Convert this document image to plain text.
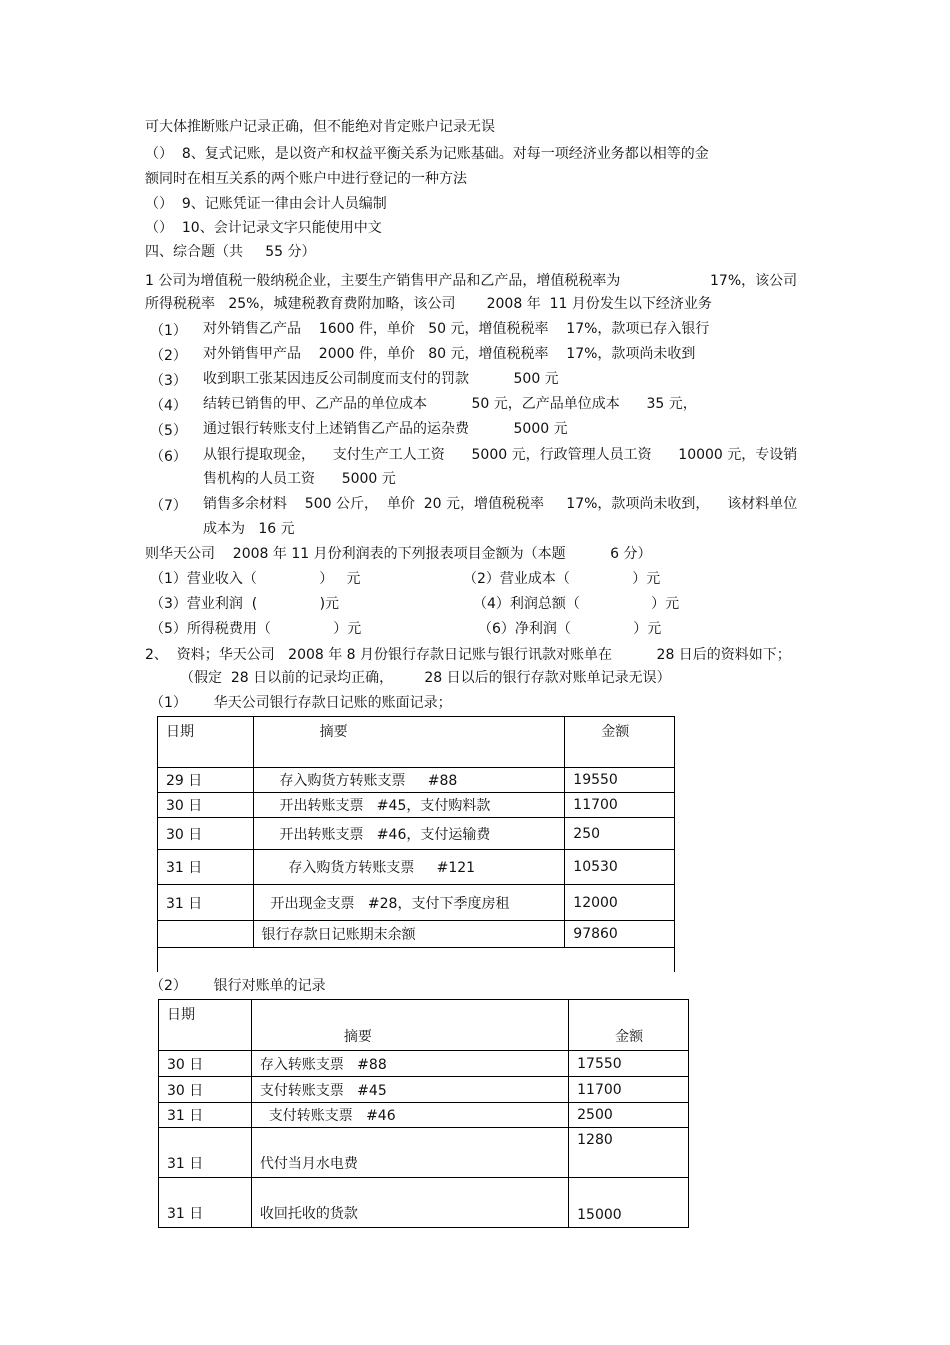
可大体推断账户记录正确，但不能绝对肯定账户记录无误

（）  8、复式记账，是以资产和权益平衡关系为记账基础。对每一项经济业务都以相等的金

额同时在相互关系的两个账户中进行登记的一种方法

（）  9、记账凭证一律由会计人员编制

（）  10、会计记录文字只能使用中文

四、综合题（共     55 分）

1 公司为增值税一般纳税企业，主要生产销售甲产品和乙产品，增值税税率为	17%，该公司

所得税税率   25%，城建税教育费附加略，该公司       2008 年  11 月份发生以下经济业务

（1） 对外销售乙产品    1600 件，单价   50 元，增值税税率    17%，款项已存入银行

（2） 对外销售甲产品    2000 件，单价   80 元，增值税税率    17%，款项尚未收到

（3） 收到职工张某因违反公司制度而支付的罚款          500 元

（4） 结转已销售的甲、乙产品的单位成本          50 元，乙产品单位成本      35 元，

（5） 通过银行转账支付上述销售乙产品的运杂费          5000 元

（6） 从银行提取现金，    支付生产工人工资      5000 元，行政管理人员工资      10000 元，专设销

售机构的人员工资      5000 元

（7） 销售多余材料    500 公斤，  单价  20 元，增值税税率     17%，款项尚未收到，    该材料单位

成本为   16 元

则华天公司    2008 年 11 月份利润表的下列报表项目金额为（本题          6 分）

（1）营业收入（              ）   元	（2）营业成本（              ）元

（3）营业利润  (              )元	（4）利润总额（                ）元

（5）所得税费用（              ）元	（6）净利润（              ）元

2、  资料；华天公司   2008 年 8 月份银行存款日记账与银行讯款对账单在          28 日后的资料如下；

（假定  28 日以前的记录均正确，       28 日以后的银行存款对账单记录无误）

（1）      华天公司银行存款日记账的账面记录；

日期	摘要	金额
29 日	存入购货方转账支票     #88	19550
30 日	开出转账支票   #45，支付购料款	11700
30 日	开出转账支票   #46，支付运输费	250
31 日	存入购货方转账支票     #121	10530
31 日	开出现金支票   #28，支付下季度房租	12000
	银行存款日记账期末余额	97860

（2）      银行对账单的记录

日期	摘要	金额
30 日	存入转账支票   #88	17550
30 日	支付转账支票   #45	11700
31 日	支付转账支票   #46	2500
31 日	代付当月水电费	1280
31 日	收回托收的货款	15000
